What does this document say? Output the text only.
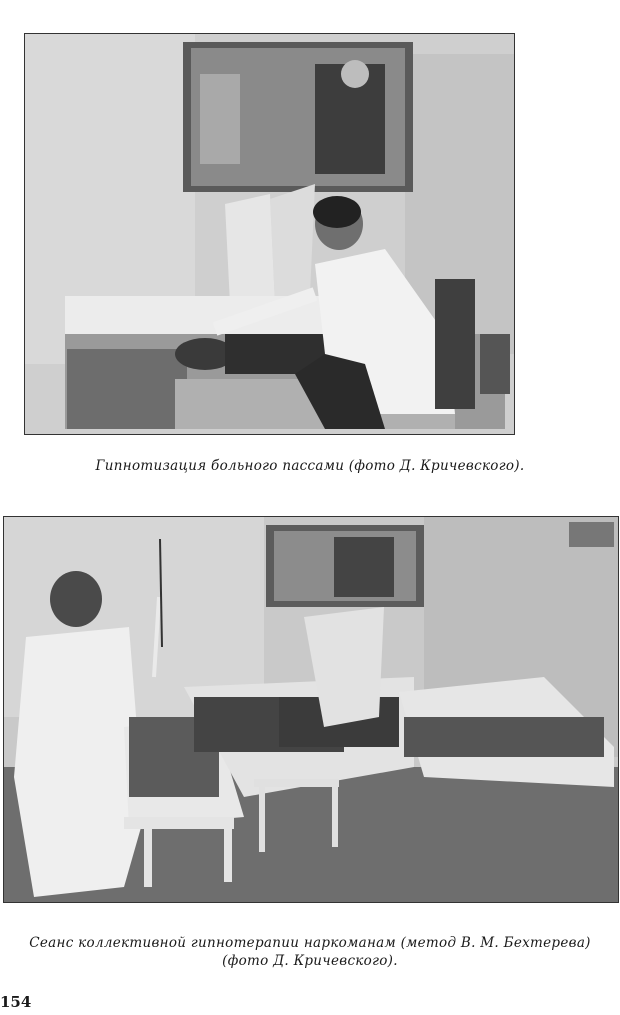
Гипнотизация больного пассами (фото Д. Кричевского).
Сеанс коллективной гипнотерапии наркоманам (метод В. М. Бехтерева)
(фото Д. Кричевского).
154
